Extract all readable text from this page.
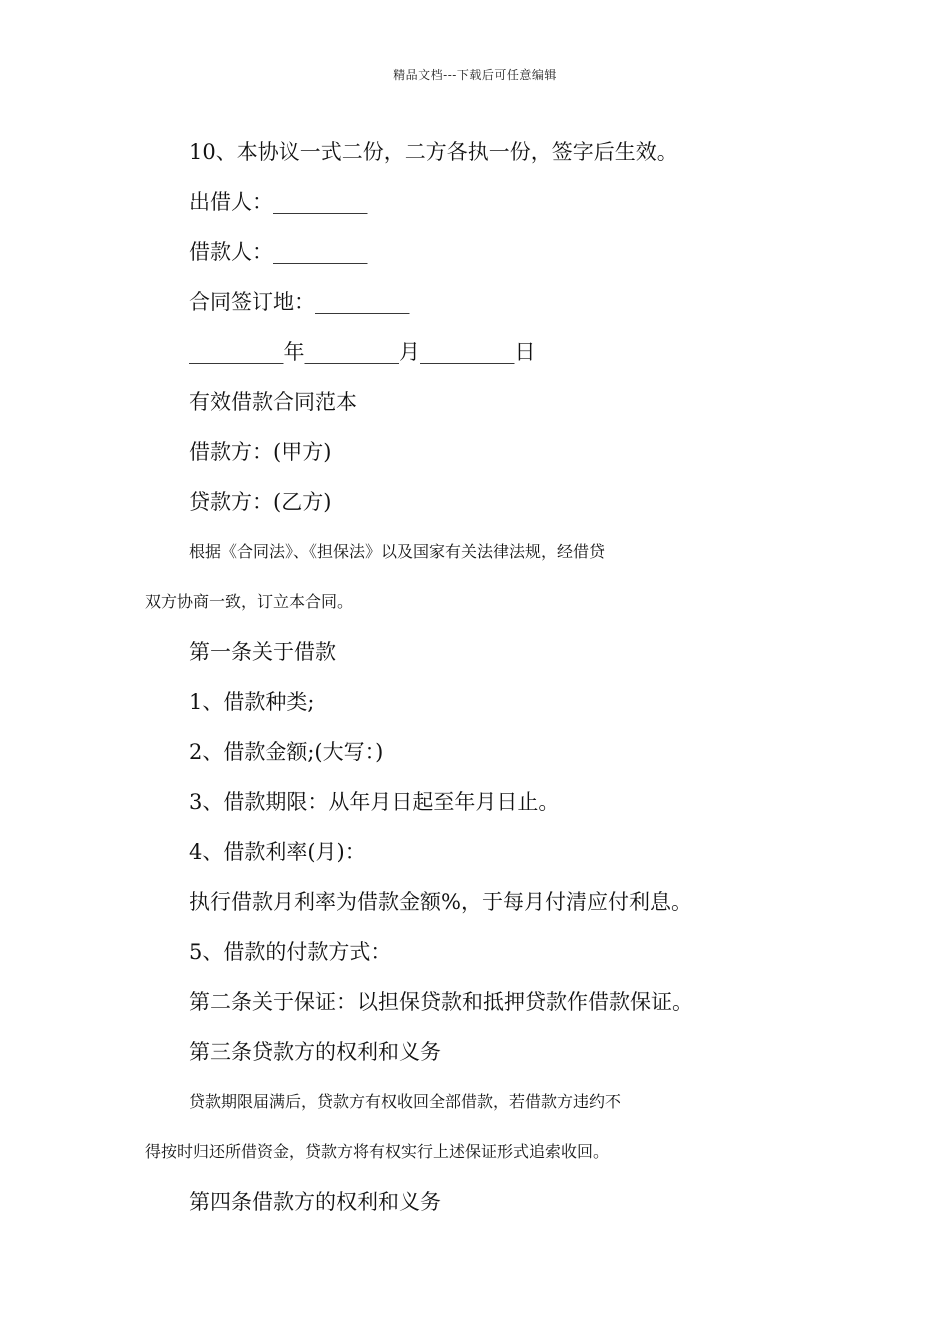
精品文档---下载后可任意编辑
10、本协议一式二份，二方各执一份，签字后生效。
出借人：_________
借款人：_________
合同签订地：_________
_________年_________月_________日
有效借款合同范本
借款方：(甲方)
贷款方：(乙方)
根据《合同法》、《担保法》以及国家有关法律法规，经借贷
双方协商一致，订立本合同。
第一条关于借款
1、借款种类;
2、借款金额;(大写：)
3、借款期限：从年月日起至年月日止。
4、借款利率(月)：
执行借款月利率为借款金额%，于每月付清应付利息。
5、借款的付款方式：
第二条关于保证：以担保贷款和抵押贷款作借款保证。
第三条贷款方的权利和义务
贷款期限届满后，贷款方有权收回全部借款，若借款方违约不
得按时归还所借资金，贷款方将有权实行上述保证形式追索收回。
第四条借款方的权利和义务
